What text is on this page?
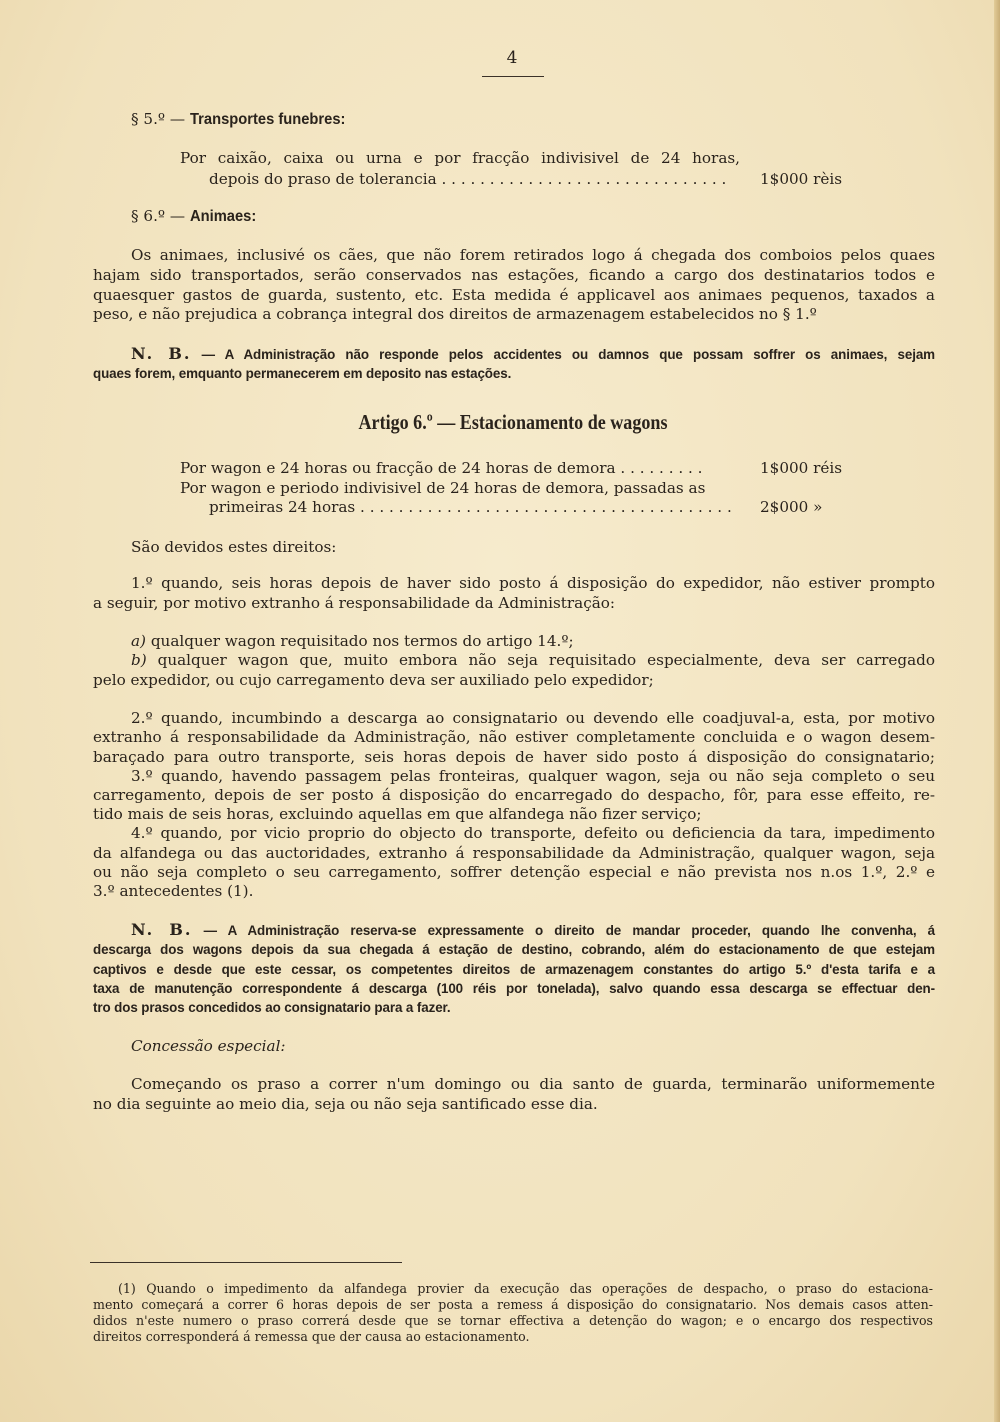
4
§ 5.º — Transportes funebres:
Por caixão, caixa ou urna e por fracção indivisivel de 24 horas,
depois do praso de tolerancia . . . . . . . . . . . . . . . . . . . . . . . . . . . . . . 1$000 rèis
§ 6.º — Animaes:
Os animaes, inclusivé os cães, que não forem retirados logo á chegada dos comboios pelos quaes
hajam sido transportados, serão conservados nas estações, ficando a cargo dos destinatarios todos e
quaesquer gastos de guarda, sustento, etc. Esta medida é applicavel aos animaes pequenos, taxados a
peso, e não prejudica a cobrança integral dos direitos de armazenagem estabelecidos no § 1.º
N. B. — A Administração não responde pelos accidentes ou damnos que possam soffrer os animaes, sejam
quaes forem, emquanto permanecerem em deposito nas estações.
Artigo 6.º — Estacionamento de wagons
Por wagon e 24 horas ou fracção de 24 horas de demora . . . . . . . . .	1$000 réis
Por wagon e periodo indivisivel de 24 horas de demora, passadas as
primeiras 24 horas . . . . . . . . . . . . . . . . . . . . . . . . . . . . . . . . . . . . . . . 2$000 »
São devidos estes direitos:
1.º quando, seis horas depois de haver sido posto á disposição do expedidor, não estiver prompto
a seguir, por motivo extranho á responsabilidade da Administração:
a) qualquer wagon requisitado nos termos do artigo 14.º;
b) qualquer wagon que, muito embora não seja requisitado especialmente, deva ser carregado
pelo expedidor, ou cujo carregamento deva ser auxiliado pelo expedidor;
2.º quando, incumbindo a descarga ao consignatario ou devendo elle coadjuval-a, esta, por motivo
extranho á responsabilidade da Administração, não estiver completamente concluida e o wagon desem-
baraçado para outro transporte, seis horas depois de haver sido posto á disposição do consignatario;
3.º quando, havendo passagem pelas fronteiras, qualquer wagon, seja ou não seja completo o seu
carregamento, depois de ser posto á disposição do encarregado do despacho, fôr, para esse effeito, re-
tido mais de seis horas, excluindo aquellas em que alfandega não fizer serviço;
4.º quando, por vicio proprio do objecto do transporte, defeito ou deficiencia da tara, impedimento
da alfandega ou das auctoridades, extranho á responsabilidade da Administração, qualquer wagon, seja
ou não seja completo o seu carregamento, soffrer detenção especial e não prevista nos n.os 1.º, 2.º e
3.º antecedentes (1).
N. B. — A Administração reserva-se expressamente o direito de mandar proceder, quando lhe convenha, á
descarga dos wagons depois da sua chegada á estação de destino, cobrando, além do estacionamento de que estejam
captivos e desde que este cessar, os competentes direitos de armazenagem constantes do artigo 5.º d'esta tarifa e a
taxa de manutenção correspondente á descarga (100 réis por tonelada), salvo quando essa descarga se effectuar den-
tro dos prasos concedidos ao consignatario para a fazer.
Concessão especial:
Começando os praso a correr n'um domingo ou dia santo de guarda, terminarão uniformemente
no dia seguinte ao meio dia, seja ou não seja santificado esse dia.
(1) Quando o impedimento da alfandega provier da execução das operações de despacho, o praso do estaciona-
mento começará a correr 6 horas depois de ser posta a remess á disposição do consignatario. Nos demais casos atten-
didos n'este numero o praso correrá desde que se tornar effectiva a detenção do wagon; e o encargo dos respectivos
direitos corresponderá á remessa que der causa ao estacionamento.
